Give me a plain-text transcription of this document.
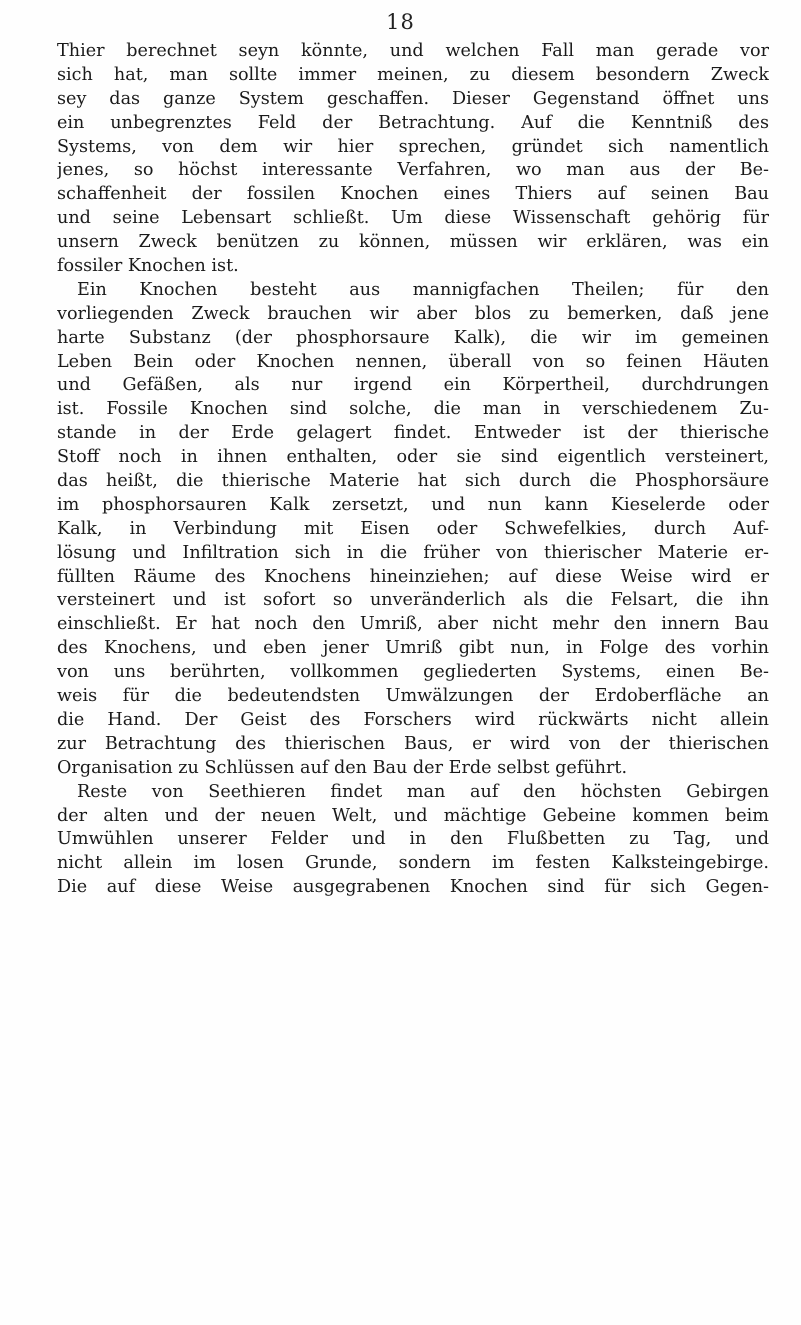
18
Thier berechnet seyn könnte, und welchen Fall man gerade vor
sich hat, man sollte immer meinen, zu diesem besondern Zweck
sey das ganze System geschaffen. Dieser Gegenstand öffnet uns
ein unbegrenztes Feld der Betrachtung. Auf die Kenntniß des
Systems, von dem wir hier sprechen, gründet sich namentlich
jenes, so höchst interessante Verfahren, wo man aus der Be-
schaffenheit der fossilen Knochen eines Thiers auf seinen Bau
und seine Lebensart schließt. Um diese Wissenschaft gehörig für
unsern Zweck benützen zu können, müssen wir erklären, was ein
fossiler Knochen ist.
Ein Knochen besteht aus mannigfachen Theilen; für den
vorliegenden Zweck brauchen wir aber blos zu bemerken, daß jene
harte Substanz (der phosphorsaure Kalk), die wir im gemeinen
Leben Bein oder Knochen nennen, überall von so feinen Häuten
und Gefäßen, als nur irgend ein Körpertheil, durchdrungen
ist. Fossile Knochen sind solche, die man in verschiedenem Zu-
stande in der Erde gelagert findet. Entweder ist der thierische
Stoff noch in ihnen enthalten, oder sie sind eigentlich versteinert,
das heißt, die thierische Materie hat sich durch die Phosphorsäure
im phosphorsauren Kalk zersetzt, und nun kann Kieselerde oder
Kalk, in Verbindung mit Eisen oder Schwefelkies, durch Auf-
lösung und Infiltration sich in die früher von thierischer Materie er-
füllten Räume des Knochens hineinziehen; auf diese Weise wird er
versteinert und ist sofort so unveränderlich als die Felsart, die ihn
einschließt. Er hat noch den Umriß, aber nicht mehr den innern Bau
des Knochens, und eben jener Umriß gibt nun, in Folge des vorhin
von uns berührten, vollkommen gegliederten Systems, einen Be-
weis für die bedeutendsten Umwälzungen der Erdoberfläche an
die Hand. Der Geist des Forschers wird rückwärts nicht allein
zur Betrachtung des thierischen Baus, er wird von der thierischen
Organisation zu Schlüssen auf den Bau der Erde selbst geführt.
Reste von Seethieren findet man auf den höchsten Gebirgen
der alten und der neuen Welt, und mächtige Gebeine kommen beim
Umwühlen unserer Felder und in den Flußbetten zu Tag, und
nicht allein im losen Grunde, sondern im festen Kalksteingebirge.
Die auf diese Weise ausgegrabenen Knochen sind für sich Gegen-
